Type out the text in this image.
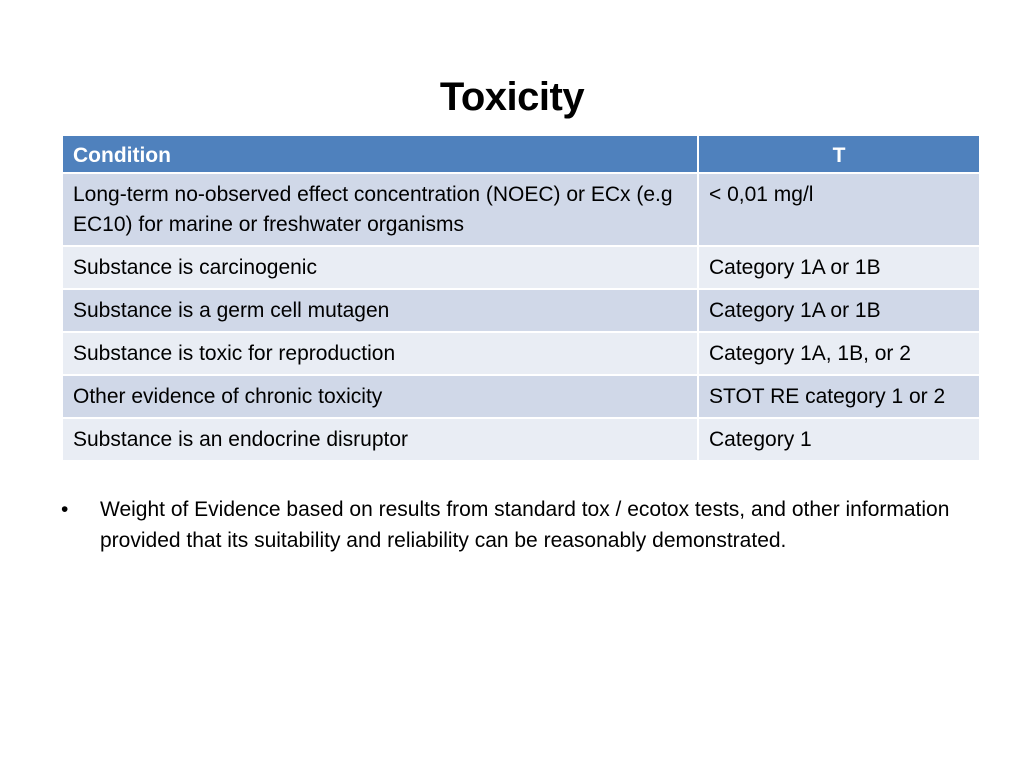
Toxicity
Condition	T
Long-term no-observed effect concentration (NOEC) or ECx (e.g EC10) for marine or freshwater organisms	< 0,01 mg/l
Substance is carcinogenic	Category 1A or 1B
Substance is a germ cell mutagen	Category 1A or 1B
Substance is toxic for reproduction	Category 1A, 1B, or 2
Other evidence of chronic toxicity	STOT RE category 1 or 2
Substance is an endocrine disruptor	Category 1
•	Weight of Evidence based on results from standard tox / ecotox tests, and other information provided that its suitability and reliability can be reasonably demonstrated.
